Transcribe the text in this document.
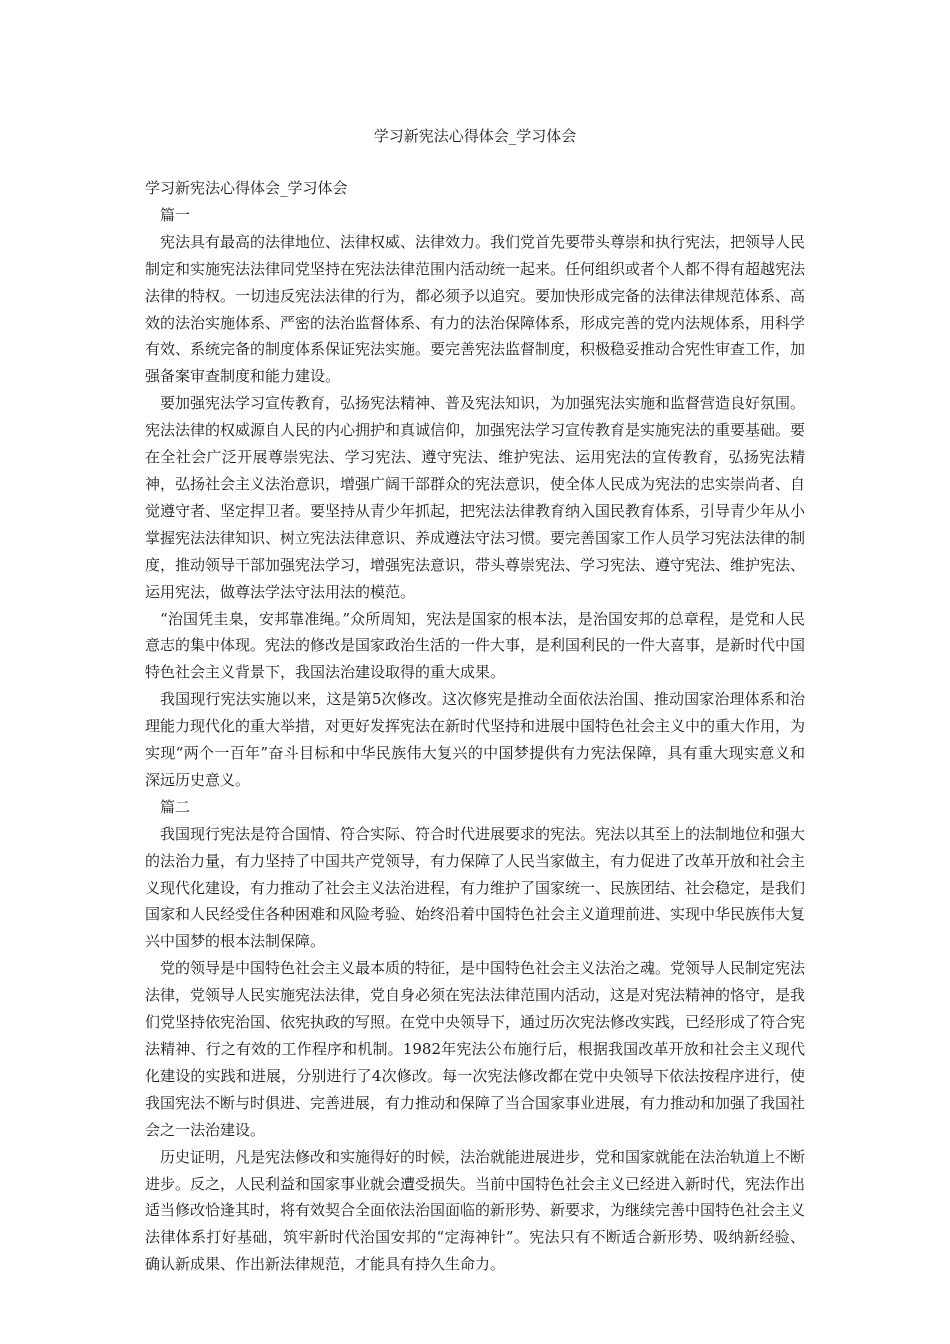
学习新宪法心得体会_学习体会

学习新宪法心得体会_学习体会

篇一

宪法具有最高的法律地位、法律权威、法律效力。我们党首先要带头尊崇和执行宪法，把领导人民制定和实施宪法法律同党坚持在宪法法律范围内活动统一起来。任何组织或者个人都不得有超越宪法法律的特权。一切违反宪法法律的行为，都必须予以追究。要加快形成完备的法律法律规范体系、高效的法治实施体系、严密的法治监督体系、有力的法治保障体系，形成完善的党内法规体系，用科学有效、系统完备的制度体系保证宪法实施。要完善宪法监督制度，积极稳妥推动合宪性审查工作，加强备案审查制度和能力建设。

要加强宪法学习宣传教育，弘扬宪法精神、普及宪法知识，为加强宪法实施和监督营造良好氛围。宪法法律的权威源自人民的内心拥护和真诚信仰，加强宪法学习宣传教育是实施宪法的重要基础。要在全社会广泛开展尊崇宪法、学习宪法、遵守宪法、维护宪法、运用宪法的宣传教育，弘扬宪法精神，弘扬社会主义法治意识，增强广阔干部群众的宪法意识，使全体人民成为宪法的忠实崇尚者、自觉遵守者、坚定捍卫者。要坚持从青少年抓起，把宪法法律教育纳入国民教育体系，引导青少年从小掌握宪法法律知识、树立宪法法律意识、养成遵法守法习惯。要完善国家工作人员学习宪法法律的制度，推动领导干部加强宪法学习，增强宪法意识，带头尊崇宪法、学习宪法、遵守宪法、维护宪法、运用宪法，做尊法学法守法用法的模范。

“治国凭圭臬，安邦靠准绳。”众所周知，宪法是国家的根本法，是治国安邦的总章程，是党和人民意志的集中体现。宪法的修改是国家政治生活的一件大事，是利国利民的一件大喜事，是新时代中国特色社会主义背景下，我国法治建设取得的重大成果。

我国现行宪法实施以来，这是第5次修改。这次修宪是推动全面依法治国、推动国家治理体系和治理能力现代化的重大举措，对更好发挥宪法在新时代坚持和进展中国特色社会主义中的重大作用，为实现“两个一百年”奋斗目标和中华民族伟大复兴的中国梦提供有力宪法保障，具有重大现实意义和深远历史意义。

篇二

我国现行宪法是符合国情、符合实际、符合时代进展要求的宪法。宪法以其至上的法制地位和强大的法治力量，有力坚持了中国共产党领导，有力保障了人民当家做主，有力促进了改革开放和社会主义现代化建设，有力推动了社会主义法治进程，有力维护了国家统一、民族团结、社会稳定，是我们国家和人民经受住各种困难和风险考验、始终沿着中国特色社会主义道理前进、实现中华民族伟大复兴中国梦的根本法制保障。

党的领导是中国特色社会主义最本质的特征，是中国特色社会主义法治之魂。党领导人民制定宪法法律，党领导人民实施宪法法律，党自身必须在宪法法律范围内活动，这是对宪法精神的恪守，是我们党坚持依宪治国、依宪执政的写照。在党中央领导下，通过历次宪法修改实践，已经形成了符合宪法精神、行之有效的工作程序和机制。1982年宪法公布施行后，根据我国改革开放和社会主义现代化建设的实践和进展，分别进行了4次修改。每一次宪法修改都在党中央领导下依法按程序进行，使我国宪法不断与时俱进、完善进展，有力推动和保障了当合国家事业进展，有力推动和加强了我国社会之一法治建设。

历史证明，凡是宪法修改和实施得好的时候，法治就能进展进步，党和国家就能在法治轨道上不断进步。反之，人民利益和国家事业就会遭受损失。当前中国特色社会主义已经进入新时代，宪法作出适当修改恰逢其时，将有效契合全面依法治国面临的新形势、新要求，为继续完善中国特色社会主义法律体系打好基础，筑牢新时代治国安邦的“定海神针”。宪法只有不断适合新形势、吸纳新经验、确认新成果、作出新法律规范，才能具有持久生命力。
